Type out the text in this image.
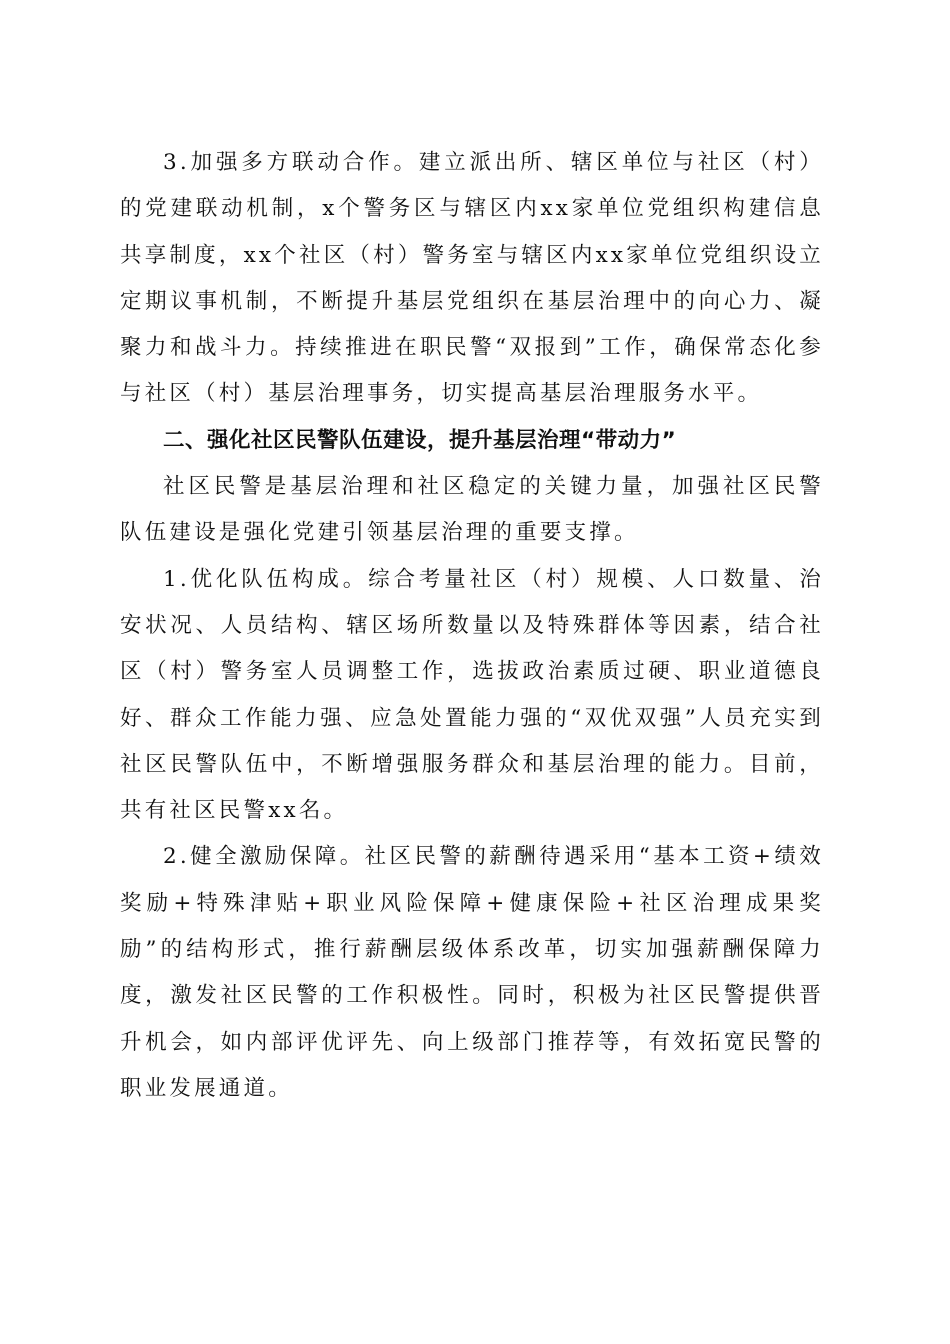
3.加强多方联动合作。建立派出所、辖区单位与社区（村）的党建联动机制，x个警务区与辖区内xx家单位党组织构建信息共享制度，xx个社区（村）警务室与辖区内xx家单位党组织设立定期议事机制，不断提升基层党组织在基层治理中的向心力、凝聚力和战斗力。持续推进在职民警“双报到”工作，确保常态化参与社区（村）基层治理事务，切实提高基层治理服务水平。

二、强化社区民警队伍建设，提升基层治理“带动力”

社区民警是基层治理和社区稳定的关键力量，加强社区民警队伍建设是强化党建引领基层治理的重要支撑。

1.优化队伍构成。综合考量社区（村）规模、人口数量、治安状况、人员结构、辖区场所数量以及特殊群体等因素，结合社区（村）警务室人员调整工作，选拔政治素质过硬、职业道德良好、群众工作能力强、应急处置能力强的“双优双强”人员充实到社区民警队伍中，不断增强服务群众和基层治理的能力。目前，共有社区民警xx名。

2.健全激励保障。社区民警的薪酬待遇采用“基本工资+绩效奖励+特殊津贴+职业风险保障+健康保险+社区治理成果奖励”的结构形式，推行薪酬层级体系改革，切实加强薪酬保障力度，激发社区民警的工作积极性。同时，积极为社区民警提供晋升机会，如内部评优评先、向上级部门推荐等，有效拓宽民警的职业发展通道。
